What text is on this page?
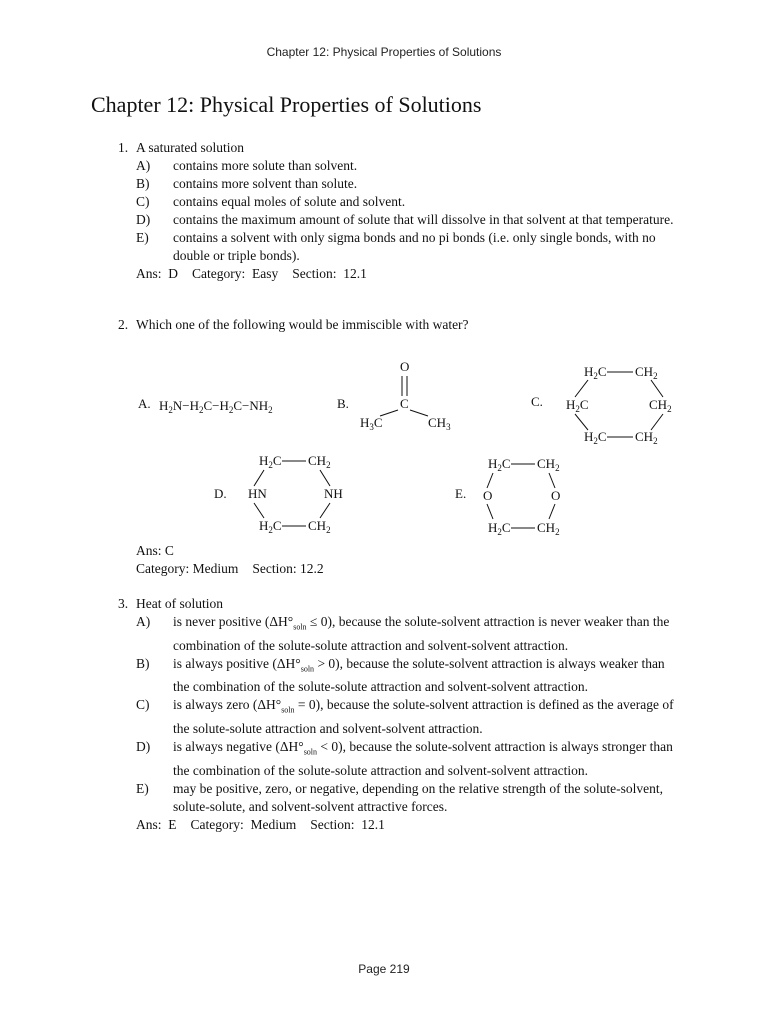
Chapter 12: Physical Properties of Solutions
Chapter 12: Physical Properties of Solutions
1. A saturated solution
A)	contains more solute than solvent.
B)	contains more solvent than solute.
C)	contains equal moles of solute and solvent.
D)	contains the maximum amount of solute that will dissolve in that solvent at that temperature.
E)	contains a solvent with only sigma bonds and no pi bonds (i.e. only single bonds, with no double or triple bonds).
Ans:  D Category:  Easy Section:  12.1
2. Which one of the following would be immiscible with water?
A. $H_2N-H_2C-H_2C-NH_2$	B.
O
C
$H_3C$	$CH_3$
C.
$H_2C$ $CH_2$
$H_2C$	$CH_2$
$H_2C$ $CH_2$
D.
$H_2C$ $CH_2$
HN	NH
$H_2C$ $CH_2$
E.
$H_2C$ $CH_2$
O	O
$H_2C$ $CH_2$
Ans: C
Category: Medium Section: 12.2
3. Heat of solution
A)	is never positive $(\Delta H^\circ_{soln} \le 0)$, because the solute-solvent attraction is never weaker than the combination of the solute-solute attraction and solvent-solvent attraction.
B)	is always positive $(\Delta H^\circ_{soln} > 0)$, because the solute-solvent attraction is always weaker than the combination of the solute-solute attraction and solvent-solvent attraction.
C)	is always zero $(\Delta H^\circ_{soln} = 0)$, because the solute-solvent attraction is defined as the average of the solute-solute attraction and solvent-solvent attraction.
D)	is always negative $(\Delta H^\circ_{soln} < 0)$, because the solute-solvent attraction is always stronger than the combination of the solute-solute attraction and solvent-solvent attraction.
E)	may be positive, zero, or negative, depending on the relative strength of the solute-solvent, solute-solute, and solvent-solvent attractive forces.
Ans:  E Category:  Medium Section:  12.1
Page 219
